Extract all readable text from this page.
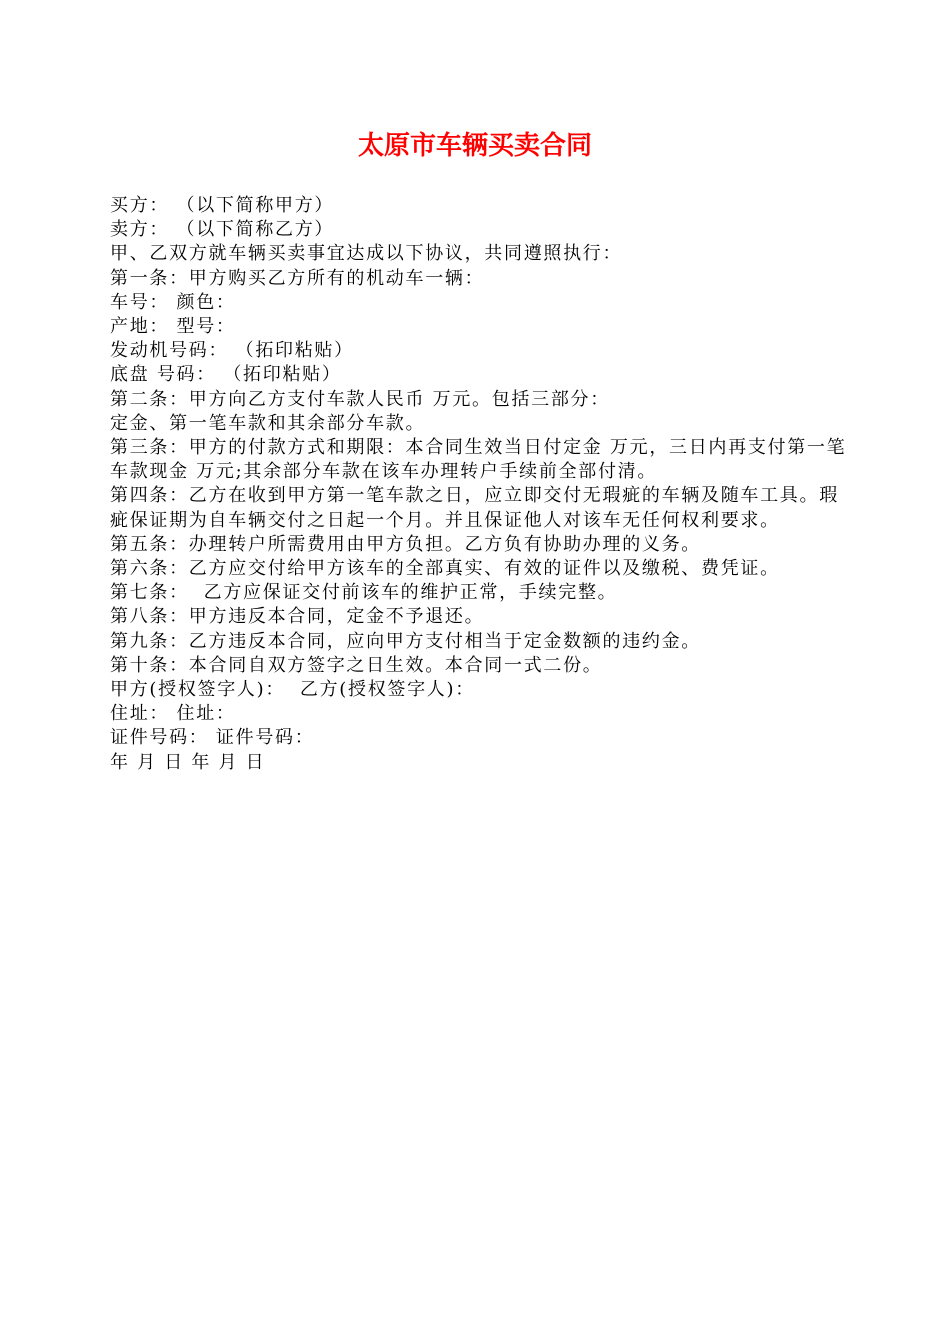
太原市车辆买卖合同
买方： （以下简称甲方）
卖方： （以下简称乙方）
甲、乙双方就车辆买卖事宜达成以下协议，共同遵照执行：
第一条：甲方购买乙方所有的机动车一辆：
车号： 颜色：
产地： 型号：
发动机号码： （拓印粘贴）
底盘 号码： （拓印粘贴）
第二条：甲方向乙方支付车款人民币 万元。包括三部分：
定金、第一笔车款和其余部分车款。
第三条：甲方的付款方式和期限：本合同生效当日付定金 万元，三日内再支付第一笔车款现金 万元;其余部分车款在该车办理转户手续前全部付清。
第四条：乙方在收到甲方第一笔车款之日，应立即交付无瑕疵的车辆及随车工具。瑕疵保证期为自车辆交付之日起一个月。并且保证他人对该车无任何权利要求。
第五条：办理转户所需费用由甲方负担。乙方负有协助办理的义务。
第六条：乙方应交付给甲方该车的全部真实、有效的证件以及缴税、费凭证。
第七条：  乙方应保证交付前该车的维护正常，手续完整。
第八条：甲方违反本合同，定金不予退还。
第九条：乙方违反本合同，应向甲方支付相当于定金数额的违约金。
第十条：本合同自双方签字之日生效。本合同一式二份。
甲方(授权签字人)：  乙方(授权签字人)：
住址： 住址：
证件号码： 证件号码：
年 月 日 年 月 日
